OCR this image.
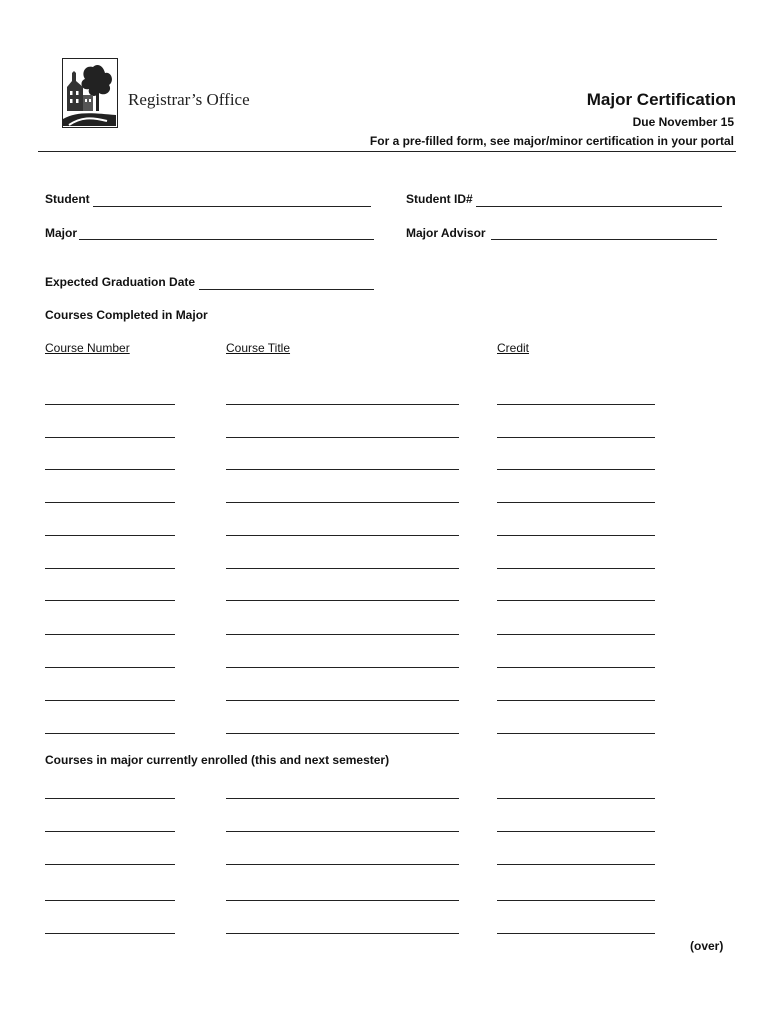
Registrar’s Office	Major Certification
Due November 15
For a pre-filled form, see major/minor certification in your portal
Student	Student ID#
Major	Major Advisor
Expected Graduation Date
Courses Completed in Major
Course Number	Course Title	Credit
Courses in major currently enrolled (this and next semester)
(over)
